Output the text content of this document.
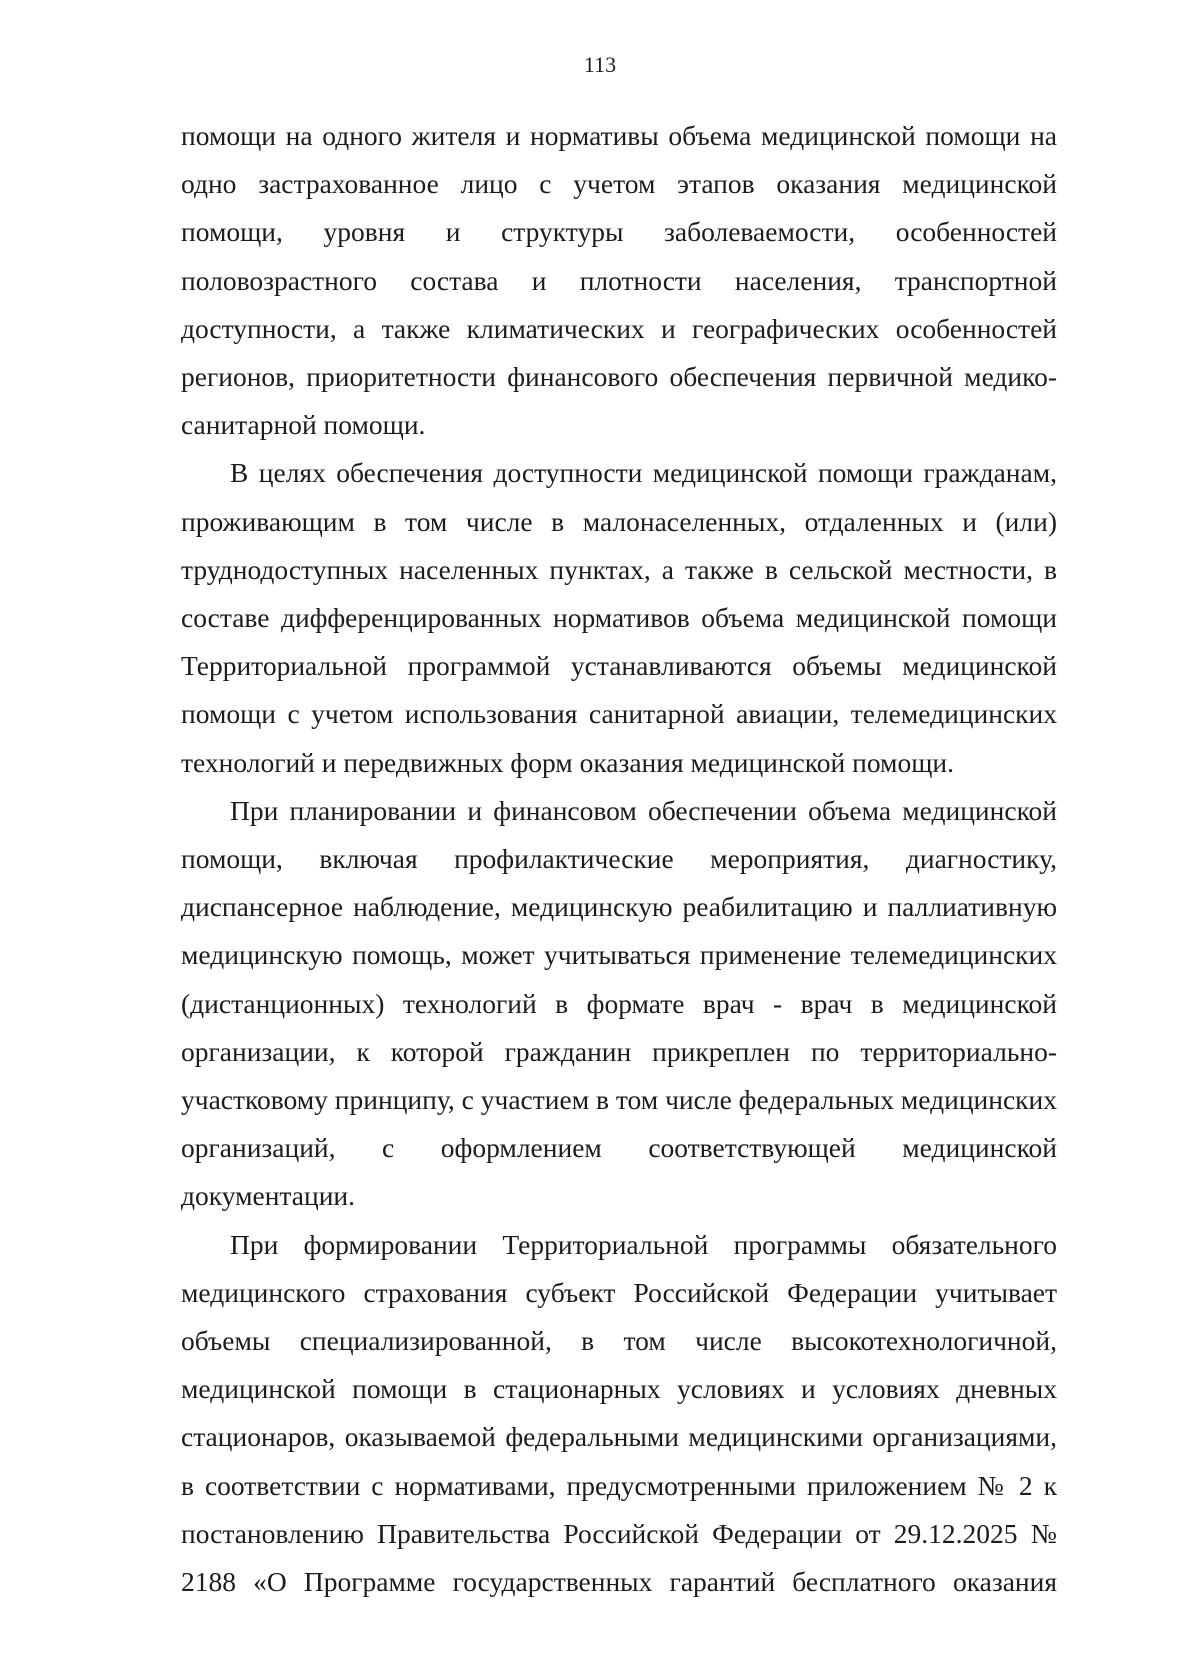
113

помощи на одного жителя и нормативы объема медицинской помощи на одно застрахованное лицо с учетом этапов оказания медицинской помощи, уровня и структуры заболеваемости, особенностей половозрастного состава и плотности населения, транспортной доступности, а также климатических и географических особенностей регионов, приоритетности финансового обеспечения первичной медико-санитарной помощи.

В целях обеспечения доступности медицинской помощи гражданам, проживающим в том числе в малонаселенных, отдаленных и (или) труднодоступных населенных пунктах, а также в сельской местности, в составе дифференцированных нормативов объема медицинской помощи Территориальной программой устанавливаются объемы медицинской помощи с учетом использования санитарной авиации, телемедицинских технологий и передвижных форм оказания медицинской помощи.

При планировании и финансовом обеспечении объема медицинской помощи, включая профилактические мероприятия, диагностику, диспансерное наблюдение, медицинскую реабилитацию и паллиативную медицинскую помощь, может учитываться применение телемедицинских (дистанционных) технологий в формате врач - врач в медицинской организации, к которой гражданин прикреплен по территориально-участковому принципу, с участием в том числе федеральных медицинских организаций, с оформлением соответствующей медицинской документации.

При формировании Территориальной программы обязательного медицинского страхования субъект Российской Федерации учитывает объемы специализированной, в том числе высокотехнологичной, медицинской помощи в стационарных условиях и условиях дневных стационаров, оказываемой федеральными медицинскими организациями, в соответствии с нормативами, предусмотренными приложением № 2 к постановлению Правительства Российской Федерации от 29.12.2025 № 2188 «О Программе государственных гарантий бесплатного оказания
